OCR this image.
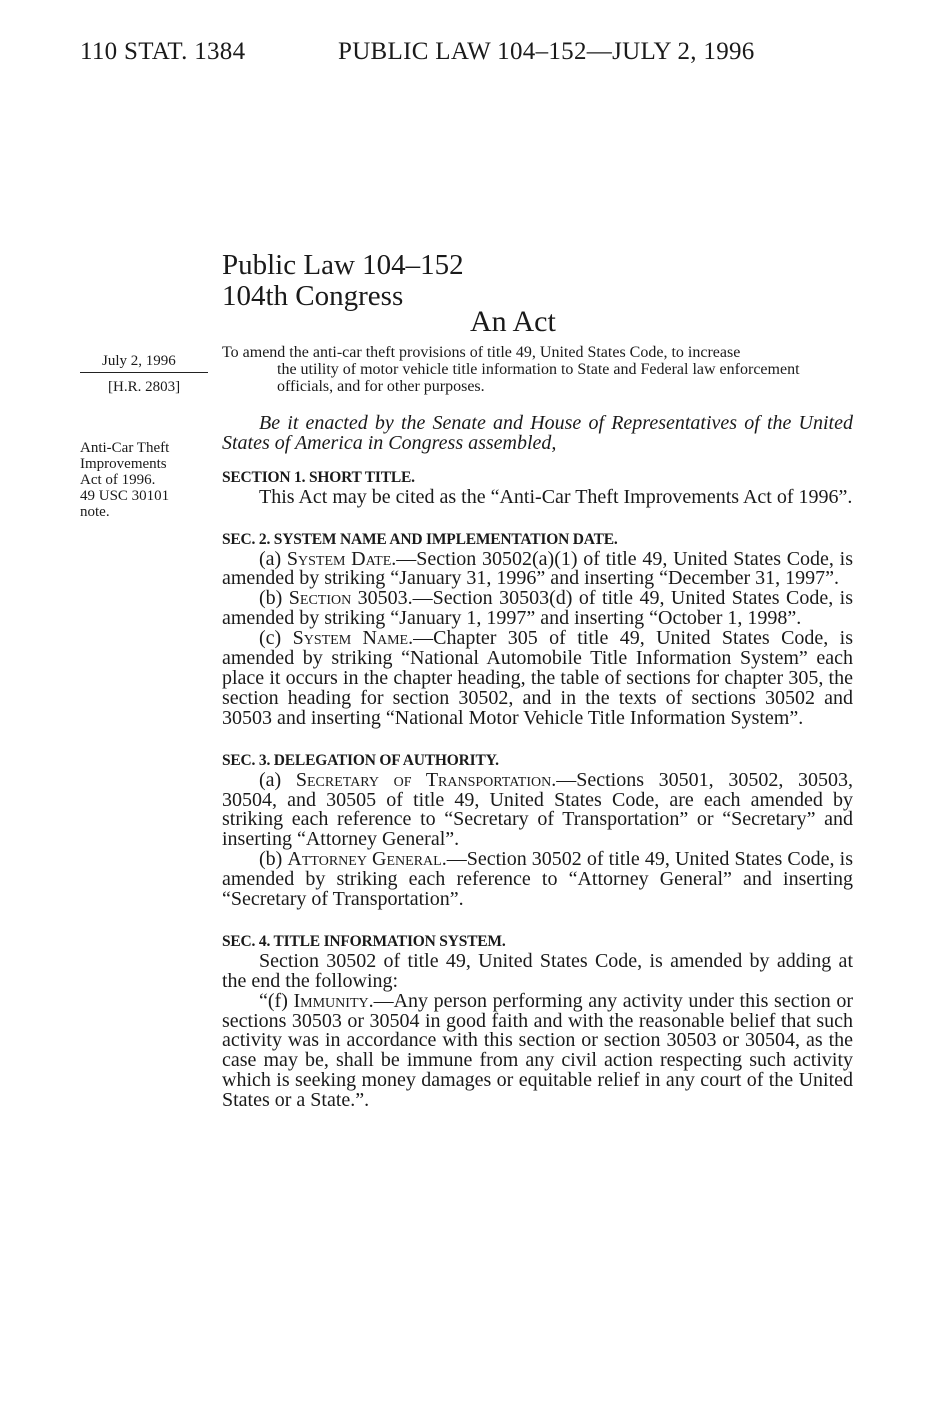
110 STAT. 1384	PUBLIC LAW 104–152—JULY 2, 1996
Public Law 104–152
104th Congress
An Act
To amend the anti-car theft provisions of title 49, United States Code, to increase
the utility of motor vehicle title information to State and Federal law enforcement
officials, and for other purposes.
July 2, 1996
[H.R. 2803]
Anti-Car Theft
Improvements
Act of 1996.
49 USC 30101
note.

Be it enacted by the Senate and House of Representatives of the United States of America in Congress assembled,

SECTION 1. SHORT TITLE.

This Act may be cited as the “Anti-Car Theft Improvements Act of 1996”.

SEC. 2. SYSTEM NAME AND IMPLEMENTATION DATE.

(a) System Date.—Section 30502(a)(1) of title 49, United States Code, is amended by striking “January 31, 1996” and inserting “December 31, 1997”.

(b) Section 30503.—Section 30503(d) of title 49, United States Code, is amended by striking “January 1, 1997” and inserting “October 1, 1998”.

(c) System Name.—Chapter 305 of title 49, United States Code, is amended by striking “National Automobile Title Information System” each place it occurs in the chapter heading, the table of sections for chapter 305, the section heading for section 30502, and in the texts of sections 30502 and 30503 and inserting “National Motor Vehicle Title Information System”.

SEC. 3. DELEGATION OF AUTHORITY.

(a) Secretary of Transportation.—Sections 30501, 30502, 30503, 30504, and 30505 of title 49, United States Code, are each amended by striking each reference to “Secretary of Transportation” or “Secretary” and inserting “Attorney General”.

(b) Attorney General.—Section 30502 of title 49, United States Code, is amended by striking each reference to “Attorney General” and inserting “Secretary of Transportation”.

SEC. 4. TITLE INFORMATION SYSTEM.

Section 30502 of title 49, United States Code, is amended by adding at the end the following:

“(f) Immunity.—Any person performing any activity under this section or sections 30503 or 30504 in good faith and with the reasonable belief that such activity was in accordance with this section or section 30503 or 30504, as the case may be, shall be immune from any civil action respecting such activity which is seeking money damages or equitable relief in any court of the United States or a State.”.
